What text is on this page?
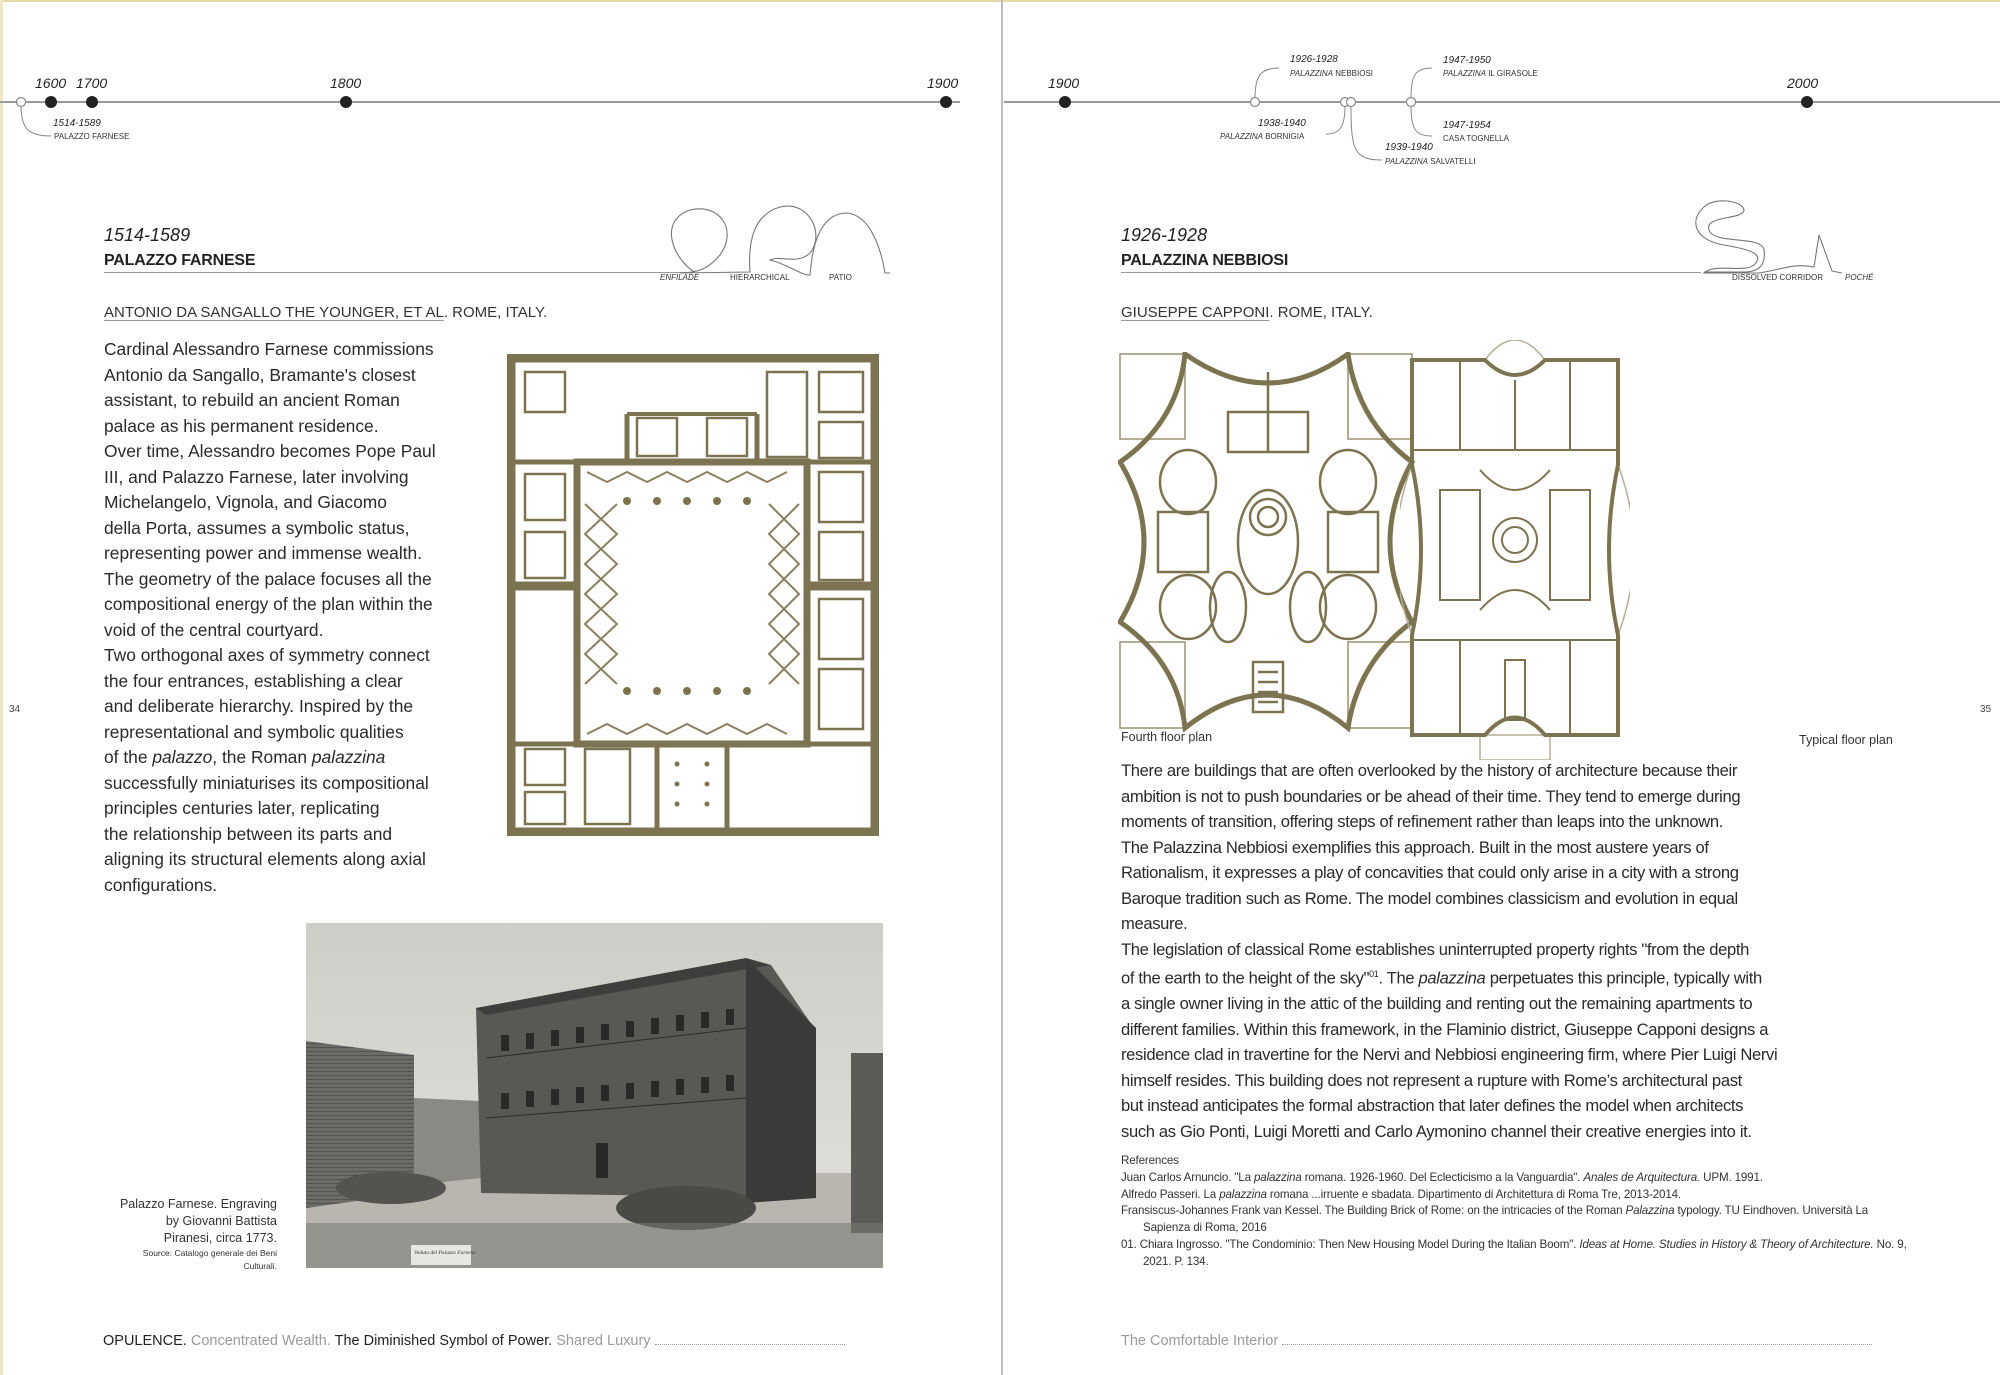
1600 1700	1800	1900
1514-1589
PALAZZO FARNESE
1514-1589
PALAZZO FARNESE
ENFILADE	HIERARCHICAL	PATIO
ANTONIO DA SANGALLO THE YOUNGER, ET AL. ROME, ITALY.

Cardinal Alessandro Farnese commissions

Antonio da Sangallo, Bramante's closest

assistant, to rebuild an ancient Roman

palace as his permanent residence.

Over time, Alessandro becomes Pope Paul

III, and Palazzo Farnese, later involving

Michelangelo, Vignola, and Giacomo

della Porta, assumes a symbolic status,

representing power and immense wealth.

The geometry of the palace focuses all the

compositional energy of the plan within the

void of the central courtyard.

Two orthogonal axes of symmetry connect

the four entrances, establishing a clear

and deliberate hierarchy. Inspired by the

representational and symbolic qualities

of the palazzo, the Roman palazzina

successfully miniaturises its compositional

principles centuries later, replicating

the relationship between its parts and

aligning its structural elements along axial

configurations.

Veduta del Palazzo Farnese
Palazzo Farnese. Engraving
by Giovanni Battista
Piranesi, circa 1773.
Source: Catalogo generale dei Beni
Culturali.
34
OPULENCE. Concentrated Wealth. The Diminished Symbol of Power. Shared Luxury
1900	2000
1926-1928
PALAZZINA NEBBIOSI
1938-1940
PALAZZINA BORNIGIA
1939-1940
PALAZZINA SALVATELLI
1947-1950
PALAZZINA IL GIRASOLE
1947-1954
CASA TOGNELLA
1926-1928
PALAZZINA NEBBIOSI
DISSOLVED CORRIDOR	POCHÉ
GIUSEPPE CAPPONI. ROME, ITALY.
Fourth floor plan	Typical floor plan

There are buildings that are often overlooked by the history of architecture because their

ambition is not to push boundaries or be ahead of their time. They tend to emerge during

moments of transition, offering steps of refinement rather than leaps into the unknown.

The Palazzina Nebbiosi exemplifies this approach. Built in the most austere years of

Rationalism, it expresses a play of concavities that could only arise in a city with a strong

Baroque tradition such as Rome. The model combines classicism and evolution in equal

measure.

The legislation of classical Rome establishes uninterrupted property rights "from the depth

of the earth to the height of the sky"$^{01}$. The palazzina perpetuates this principle, typically with

a single owner living in the attic of the building and renting out the remaining apartments to

different families. Within this framework, in the Flaminio district, Giuseppe Capponi designs a

residence clad in travertine for the Nervi and Nebbiosi engineering firm, where Pier Luigi Nervi

himself resides. This building does not represent a rupture with Rome’s architectural past

but instead anticipates the formal abstraction that later defines the model when architects

such as Gio Ponti, Luigi Moretti and Carlo Aymonino channel their creative energies into it.

References
Juan Carlos Arnuncio. "La palazzina romana. 1926-1960. Del Eclecticismo a la Vanguardia". Anales de Arquitectura. UPM. 1991.
Alfredo Passeri. La palazzina romana ...irruente e sbadata. Dipartimento di Architettura di Roma Tre, 2013-2014.
Fransiscus-Johannes Frank van Kessel. The Building Brick of Rome: on the intricacies of the Roman Palazzina typology. TU Eindhoven. Università La Sapienza di Roma, 2016
01. Chiara Ingrosso. "The Condominio: Then New Housing Model During the Italian Boom". Ideas at Home. Studies in History & Theory of Architecture. No. 9, 2021. P. 134.
35
The Comfortable Interior
